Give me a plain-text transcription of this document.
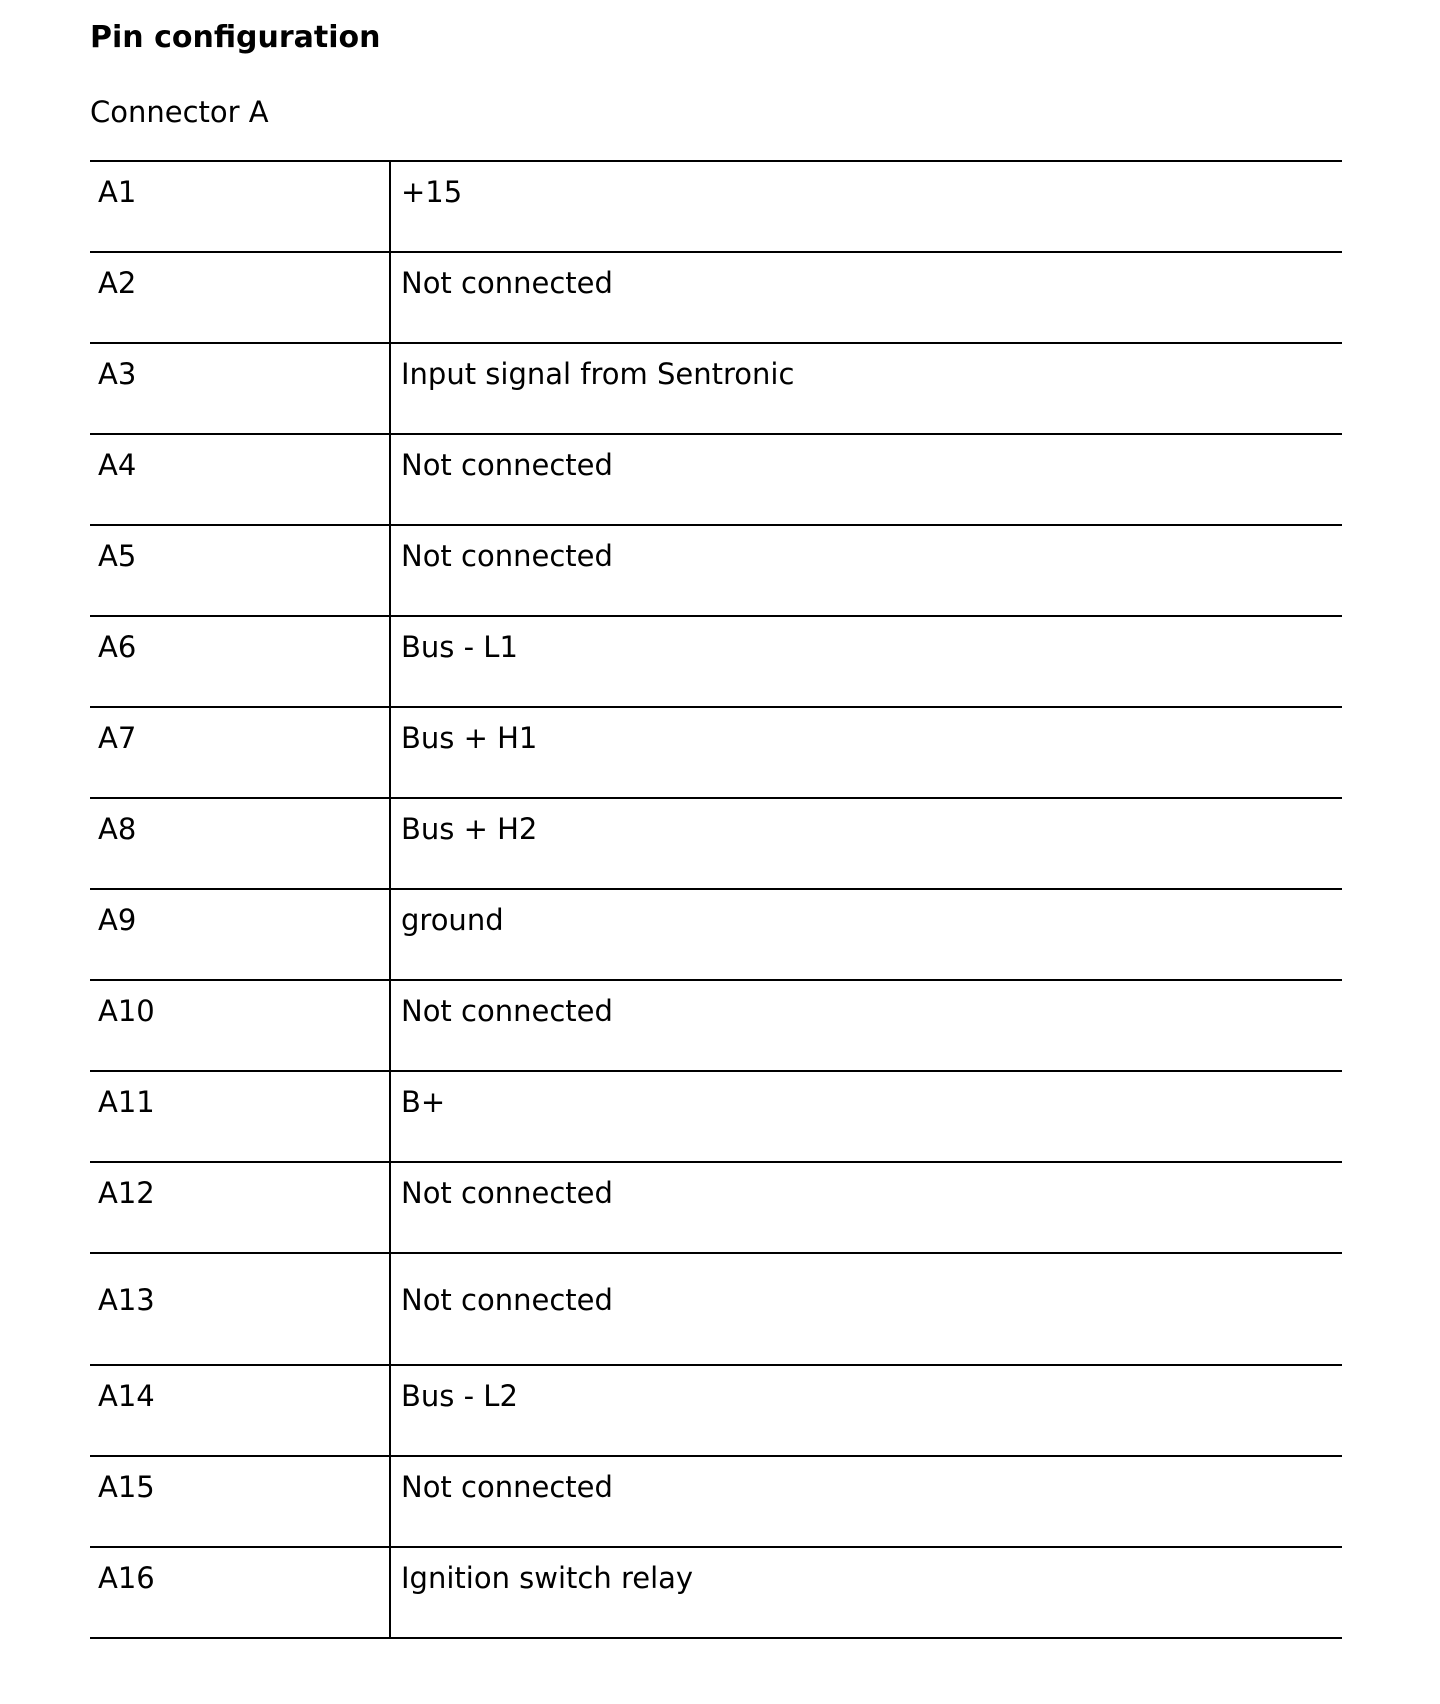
Pin configuration
Connector A
A1	+15
A2	Not connected
A3	Input signal from Sentronic
A4	Not connected
A5	Not connected
A6	Bus - L1
A7	Bus + H1
A8	Bus + H2
A9	ground
A10	Not connected
A11	B+
A12	Not connected
A13	Not connected
A14	Bus - L2
A15	Not connected
A16	Ignition switch relay
